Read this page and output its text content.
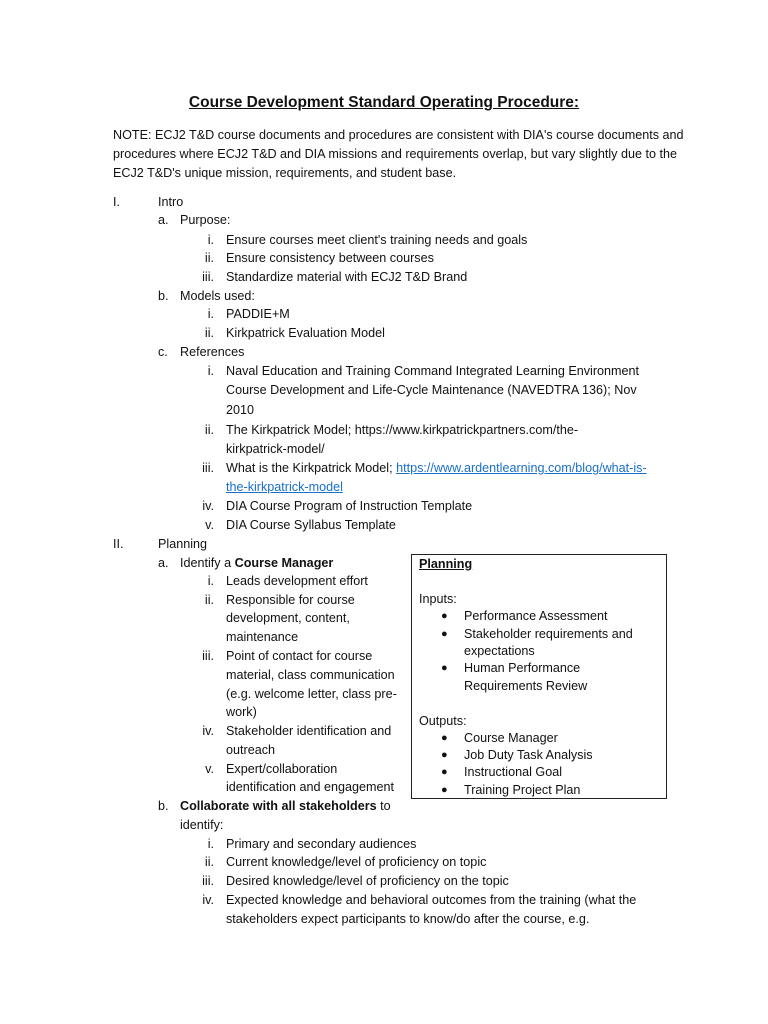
Course Development Standard Operating Procedure:
NOTE: ECJ2 T&D course documents and procedures are consistent with DIA's course documents and
procedures where ECJ2 T&D and DIA missions and requirements overlap, but vary slightly due to the
ECJ2 T&D's unique mission, requirements, and student base.
I.	Intro
a. Purpose:
i. Ensure courses meet client's training needs and goals
ii. Ensure consistency between courses
iii. Standardize material with ECJ2 T&D Brand
b. Models used:
i. PADDIE+M
ii. Kirkpatrick Evaluation Model
c. References
i. Naval Education and Training Command Integrated Learning Environment
Course Development and Life-Cycle Maintenance (NAVEDTRA 136); Nov
2010
ii. The Kirkpatrick Model; https://www.kirkpatrickpartners.com/the-
kirkpatrick-model/
iii. What is the Kirkpatrick Model; https://www.ardentlearning.com/blog/what-is-
the-kirkpatrick-model
iv. DIA Course Program of Instruction Template
v. DIA Course Syllabus Template
II.	Planning
a. Identify a Course Manager
i. Leads development effort
ii. Responsible for course
development, content,
maintenance
iii. Point of contact for course
material, class communication
(e.g. welcome letter, class pre-
work)
iv. Stakeholder identification and
outreach
v. Expert/collaboration
identification and engagement
b. Collaborate with all stakeholders to
identify:
i. Primary and secondary audiences
ii. Current knowledge/level of proficiency on topic
iii. Desired knowledge/level of proficiency on the topic
iv. Expected knowledge and behavioral outcomes from the training (what the
stakeholders expect participants to know/do after the course, e.g.
Planning
Inputs:
● Performance Assessment
● Stakeholder requirements and
expectations
● Human Performance
Requirements Review
Outputs:
● Course Manager
● Job Duty Task Analysis
● Instructional Goal
● Training Project Plan
